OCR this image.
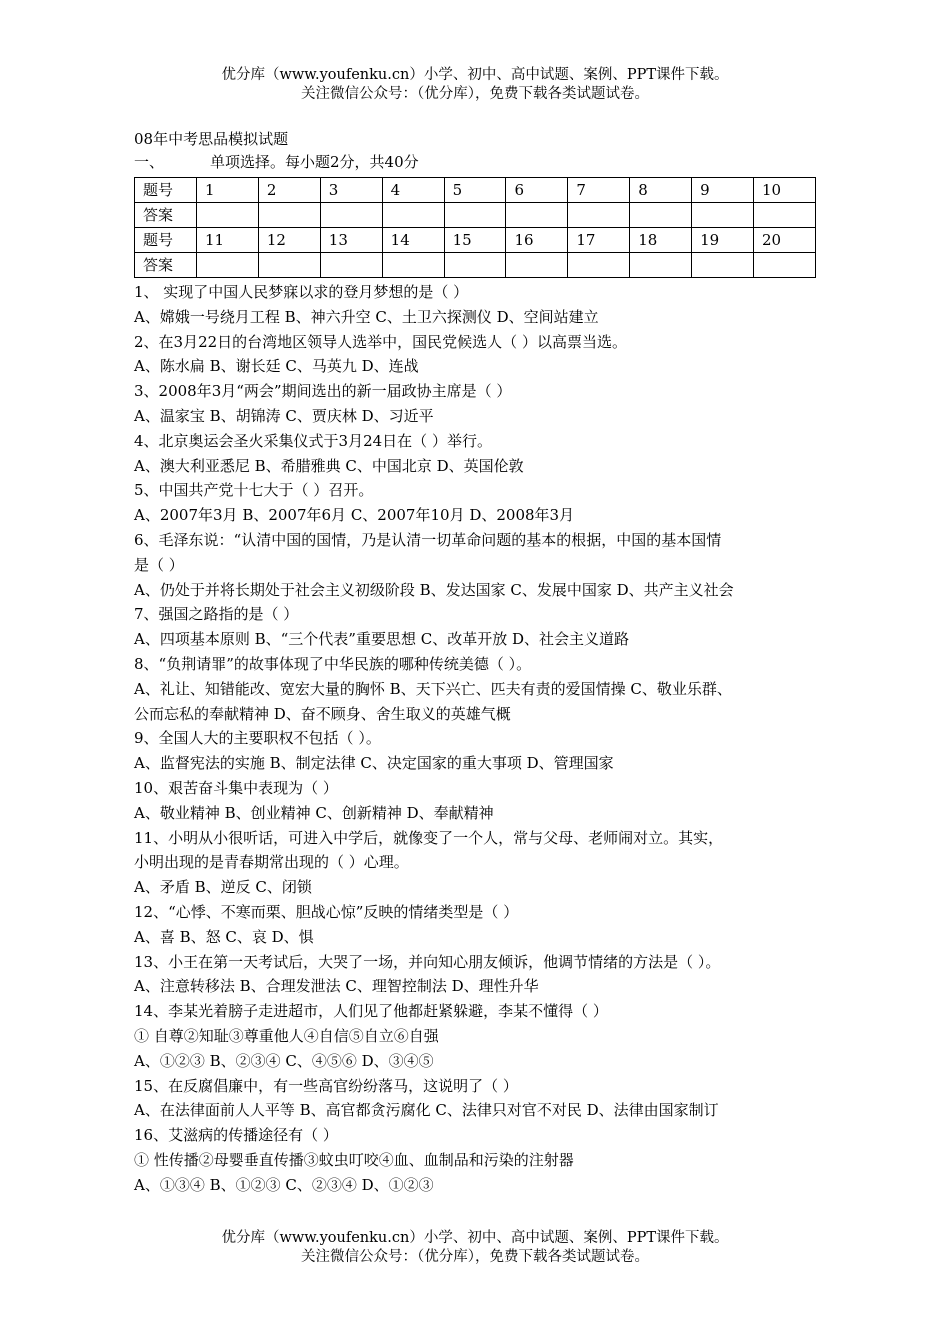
优分库（www.youfenku.cn）小学、初中、高中试题、案例、PPT课件下载。
关注微信公众号：（优分库），免费下载各类试题试卷。
08年中考思品模拟试题
一、	单项选择。每小题2分，共40分
题号	1	2	3	4	5	6	7	8	9	10
答案										
题号	11	12	13	14	15	16	17	18	19	20
答案										
1、 实现了中国人民梦寐以求的登月梦想的是（ ）
A、嫦娥一号绕月工程 B、神六升空 C、土卫六探测仪 D、空间站建立
2、在3月22日的台湾地区领导人选举中，国民党候选人（ ）以高票当选。
A、陈水扁 B、谢长廷 C、马英九 D、连战
3、2008年3月“两会”期间选出的新一届政协主席是（ ）
A、温家宝 B、胡锦涛 C、贾庆林 D、习近平
4、北京奥运会圣火采集仪式于3月24日在（ ）举行。
A、澳大利亚悉尼 B、希腊雅典 C、中国北京 D、英国伦敦
5、中国共产党十七大于（ ）召开。
A、2007年3月 B、2007年6月 C、2007年10月 D、2008年3月
6、毛泽东说：“认清中国的国情，乃是认清一切革命问题的基本的根据，中国的基本国情
是（ ）
A、仍处于并将长期处于社会主义初级阶段 B、发达国家 C、发展中国家 D、共产主义社会
7、强国之路指的是（ ）
A、四项基本原则 B、“三个代表”重要思想 C、改革开放 D、社会主义道路
8、“负荆请罪”的故事体现了中华民族的哪种传统美德（ ）。
A、礼让、知错能改、宽宏大量的胸怀 B、天下兴亡、匹夫有责的爱国情操 C、敬业乐群、
公而忘私的奉献精神 D、奋不顾身、舍生取义的英雄气概
9、全国人大的主要职权不包括（ ）。
A、监督宪法的实施 B、制定法律 C、决定国家的重大事项 D、管理国家
10、艰苦奋斗集中表现为（ ）
A、敬业精神 B、创业精神 C、创新精神 D、奉献精神
11、小明从小很听话，可进入中学后，就像变了一个人，常与父母、老师闹对立。其实，
小明出现的是青春期常出现的（ ）心理。
A、矛盾 B、逆反 C、闭锁
12、“心悸、不寒而栗、胆战心惊”反映的情绪类型是（ ）
A、喜 B、怒 C、哀 D、惧
13、小王在第一天考试后，大哭了一场，并向知心朋友倾诉，他调节情绪的方法是（ ）。
A、注意转移法 B、合理发泄法 C、理智控制法 D、理性升华
14、李某光着膀子走进超市，人们见了他都赶紧躲避，李某不懂得（ ）
① 自尊②知耻③尊重他人④自信⑤自立⑥自强
A、①②③ B、②③④ C、④⑤⑥ D、③④⑤
15、在反腐倡廉中，有一些高官纷纷落马，这说明了（ ）
A、在法律面前人人平等 B、高官都贪污腐化 C、法律只对官不对民 D、法律由国家制订
16、艾滋病的传播途径有（ ）
① 性传播②母婴垂直传播③蚊虫叮咬④血、血制品和污染的注射器
A、①③④ B、①②③ C、②③④ D、①②③
优分库（www.youfenku.cn）小学、初中、高中试题、案例、PPT课件下载。
关注微信公众号：（优分库），免费下载各类试题试卷。
